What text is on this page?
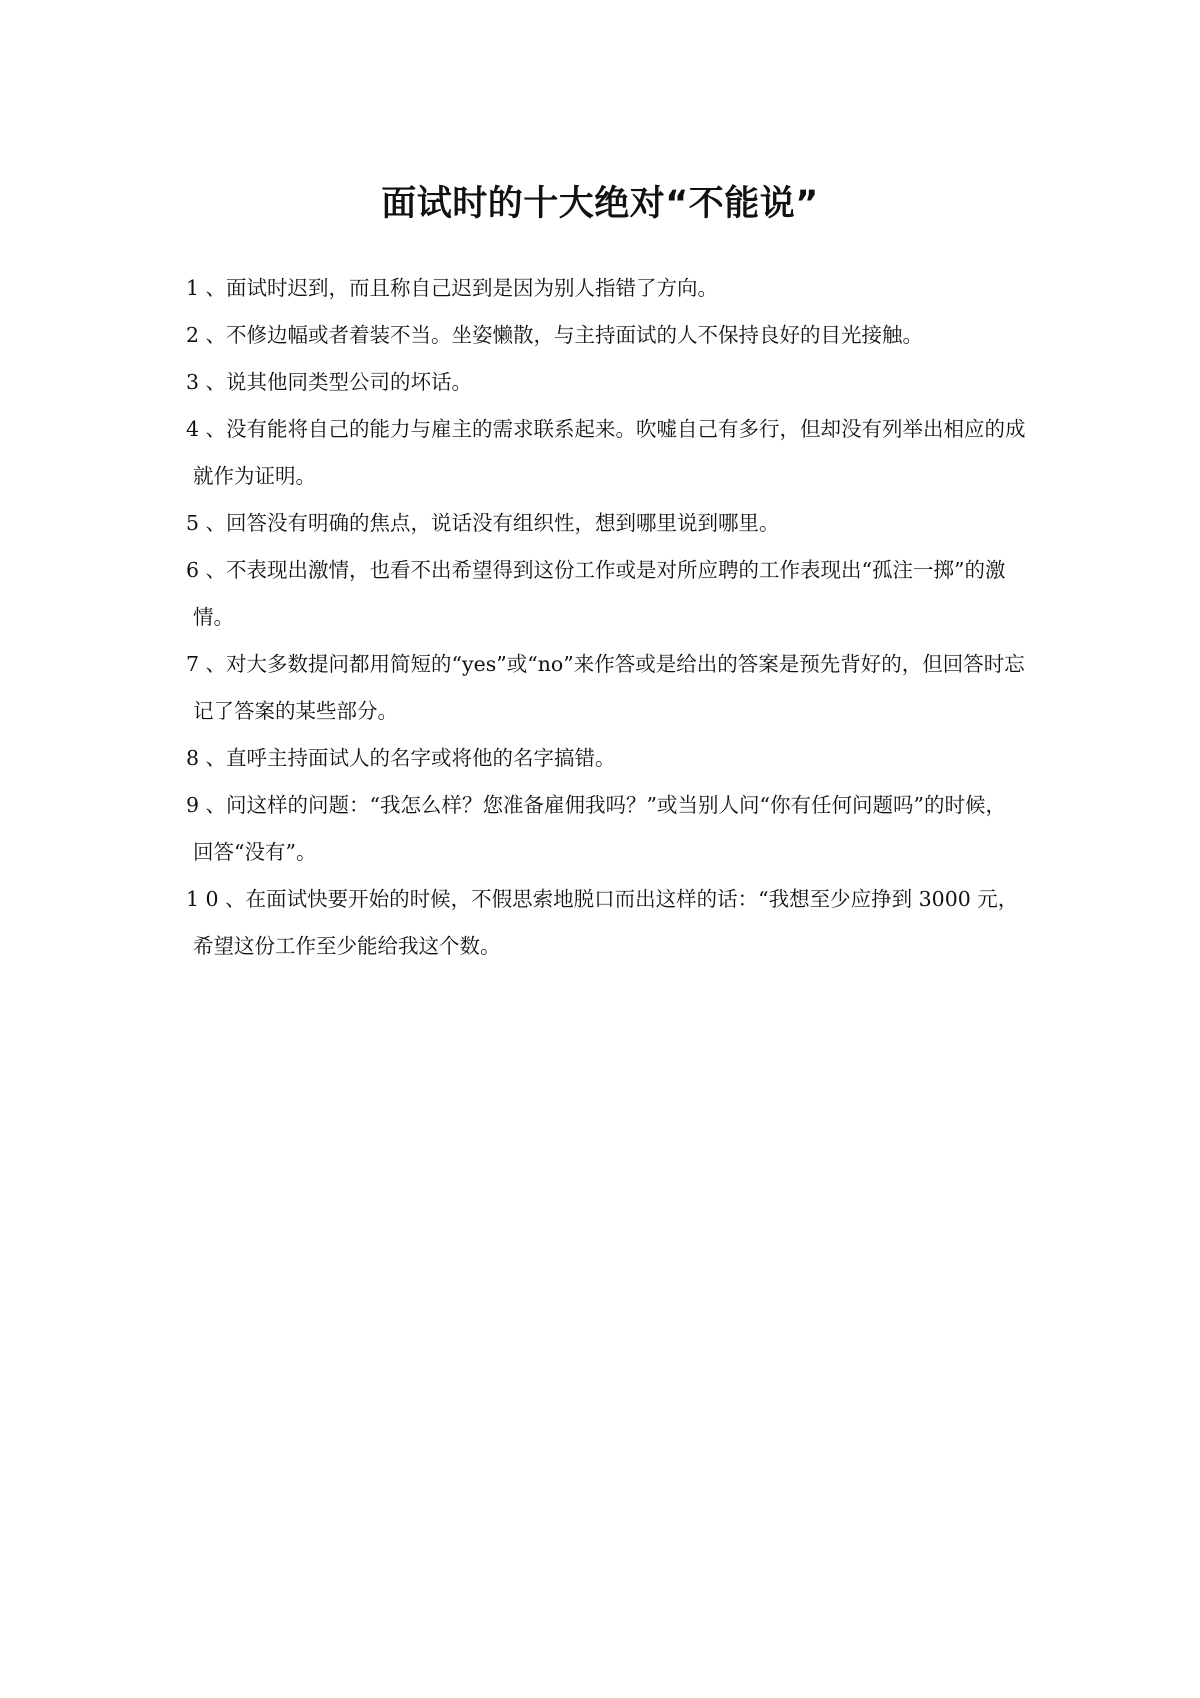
面试时的十大绝对“不能说”
1 、面试时迟到，而且称自己迟到是因为别人指错了方向。
2 、不修边幅或者着装不当。坐姿懒散，与主持面试的人不保持良好的目光接触。
3 、说其他同类型公司的坏话。
4 、没有能将自己的能力与雇主的需求联系起来。吹嘘自己有多行，但却没有列举出相应的成就作为证明。
5 、回答没有明确的焦点，说话没有组织性，想到哪里说到哪里。
6 、不表现出激情，也看不出希望得到这份工作或是对所应聘的工作表现出“孤注一掷”的激情。
7 、对大多数提问都用简短的“yes”或“no”来作答或是给出的答案是预先背好的，但回答时忘记了答案的某些部分。
8 、直呼主持面试人的名字或将他的名字搞错。
9 、问这样的问题：“我怎么样？您准备雇佣我吗？”或当别人问“你有任何问题吗”的时候，回答“没有”。
1 0 、在面试快要开始的时候，不假思索地脱口而出这样的话：“我想至少应挣到 3000 元，希望这份工作至少能给我这个数。
